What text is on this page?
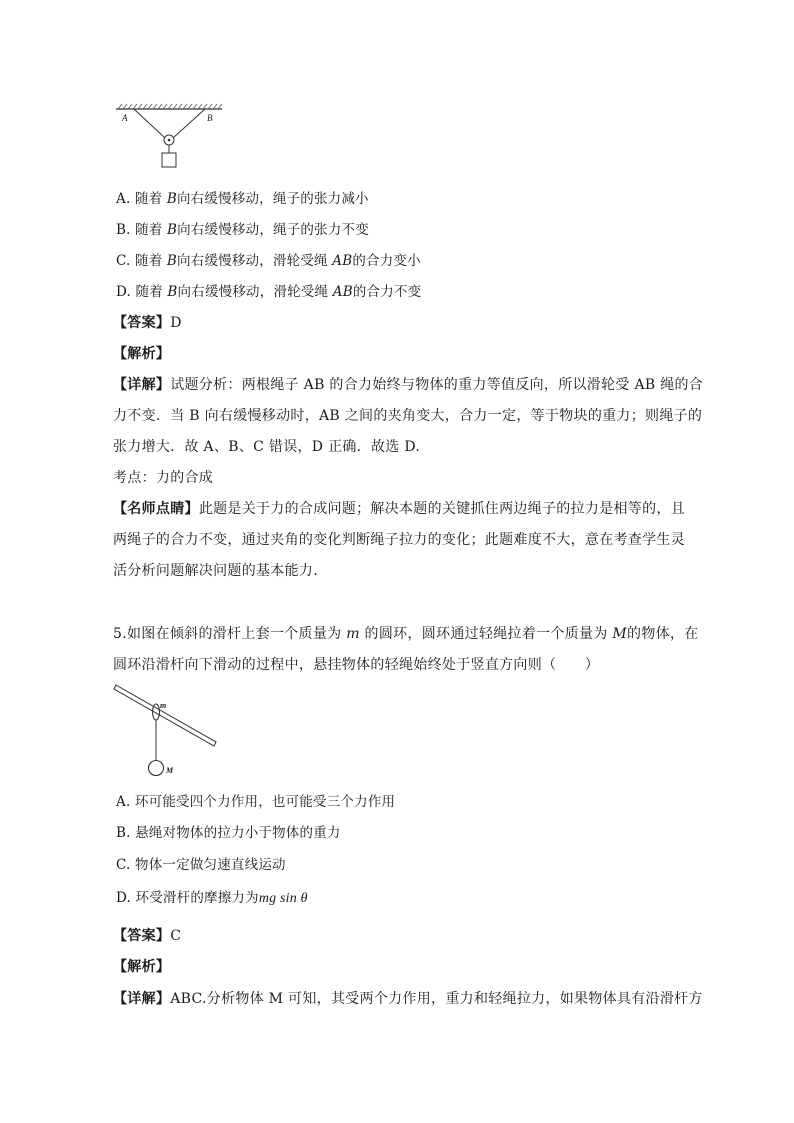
A	B
A. 随着 B向右缓慢移动，绳子的张力减小
B. 随着 B向右缓慢移动，绳子的张力不变
C. 随着 B向右缓慢移动，滑轮受绳 AB的合力变小
D. 随着 B向右缓慢移动，滑轮受绳 AB的合力不变
【答案】D
【解析】
【详解】试题分析：两根绳子 AB 的合力始终与物体的重力等值反向，所以滑轮受 AB 绳的合
力不变．当 B 向右缓慢移动时，AB 之间的夹角变大，合力一定，等于物块的重力；则绳子的
张力增大．故 A、B、C 错误，D 正确．故选 D.
考点：力的合成
【名师点睛】此题是关于力的合成问题；解决本题的关键抓住两边绳子的拉力是相等的，且
两绳子的合力不变，通过夹角的变化判断绳子拉力的变化；此题难度不大，意在考查学生灵
活分析问题解决问题的基本能力.
5.如图在倾斜的滑杆上套一个质量为 m 的圆环，圆环通过轻绳拉着一个质量为 M的物体，在
圆环沿滑杆向下滑动的过程中，悬挂物体的轻绳始终处于竖直方向则（　　）
m
M
A. 环可能受四个力作用，也可能受三个力作用
B. 悬绳对物体的拉力小于物体的重力
C. 物体一定做匀速直线运动
D. 环受滑杆的摩擦力为mg sin θ
【答案】C
【解析】
【详解】ABC.分析物体 M 可知，其受两个力作用，重力和轻绳拉力，如果物体具有沿滑杆方
